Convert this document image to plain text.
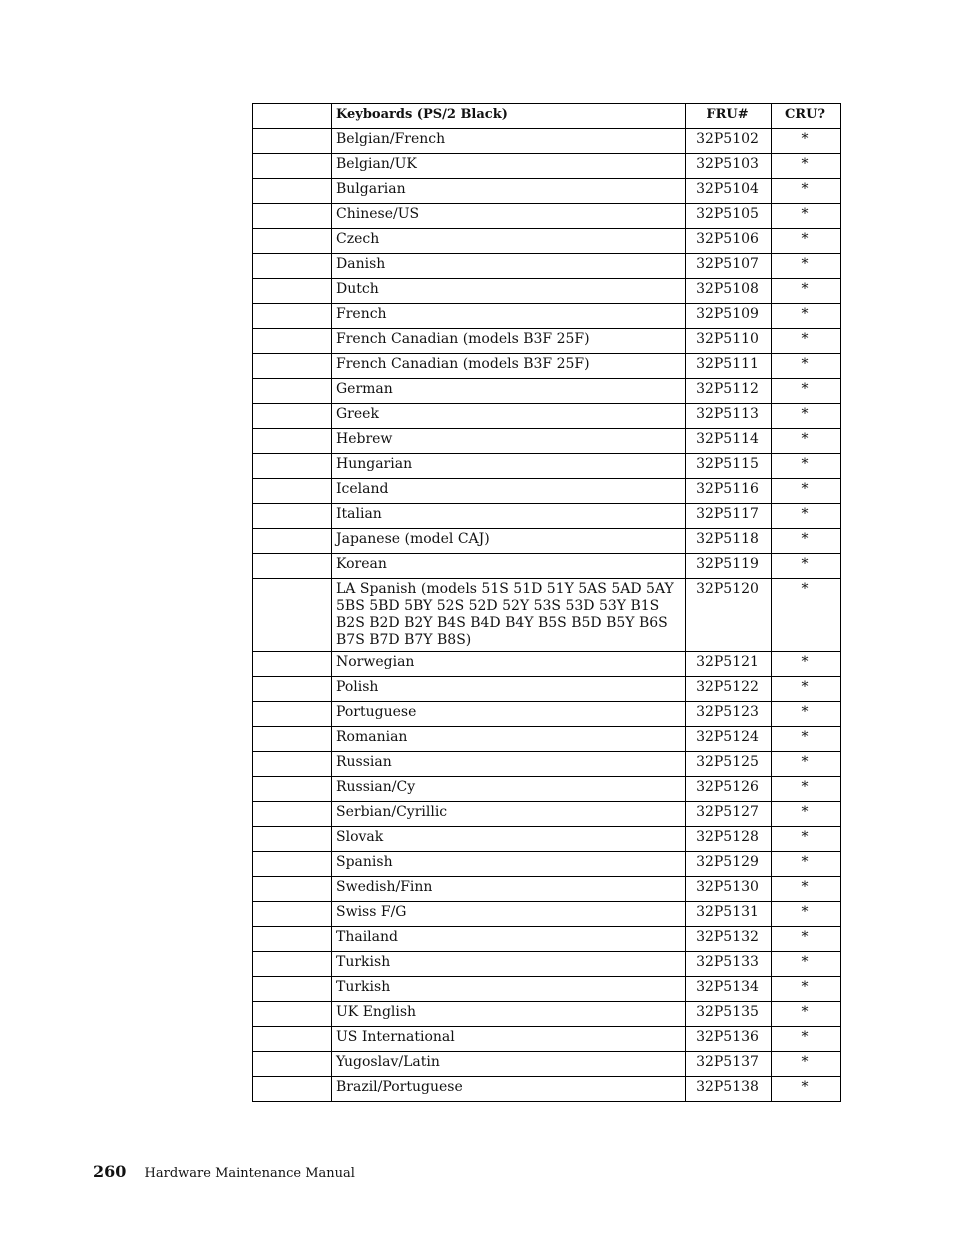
	Keyboards (PS/2 Black)	FRU#	CRU?
	Belgian/French	32P5102	*
	Belgian/UK	32P5103	*
	Bulgarian	32P5104	*
	Chinese/US	32P5105	*
	Czech	32P5106	*
	Danish	32P5107	*
	Dutch	32P5108	*
	French	32P5109	*
	French Canadian (models B3F 25F)	32P5110	*
	French Canadian (models B3F 25F)	32P5111	*
	German	32P5112	*
	Greek	32P5113	*
	Hebrew	32P5114	*
	Hungarian	32P5115	*
	Iceland	32P5116	*
	Italian	32P5117	*
	Japanese (model CAJ)	32P5118	*
	Korean	32P5119	*
	LA Spanish (models 51S 51D 51Y 5AS 5AD 5AY 5BS 5BD 5BY 52S 52D 52Y 53S 53D 53Y B1S B2S B2D B2Y B4S B4D B4Y B5S B5D B5Y B6S B7S B7D B7Y B8S)	32P5120	*
	Norwegian	32P5121	*
	Polish	32P5122	*
	Portuguese	32P5123	*
	Romanian	32P5124	*
	Russian	32P5125	*
	Russian/Cy	32P5126	*
	Serbian/Cyrillic	32P5127	*
	Slovak	32P5128	*
	Spanish	32P5129	*
	Swedish/Finn	32P5130	*
	Swiss F/G	32P5131	*
	Thailand	32P5132	*
	Turkish	32P5133	*
	Turkish	32P5134	*
	UK English	32P5135	*
	US International	32P5136	*
	Yugoslav/Latin	32P5137	*
	Brazil/Portuguese	32P5138	*
260 Hardware Maintenance Manual
